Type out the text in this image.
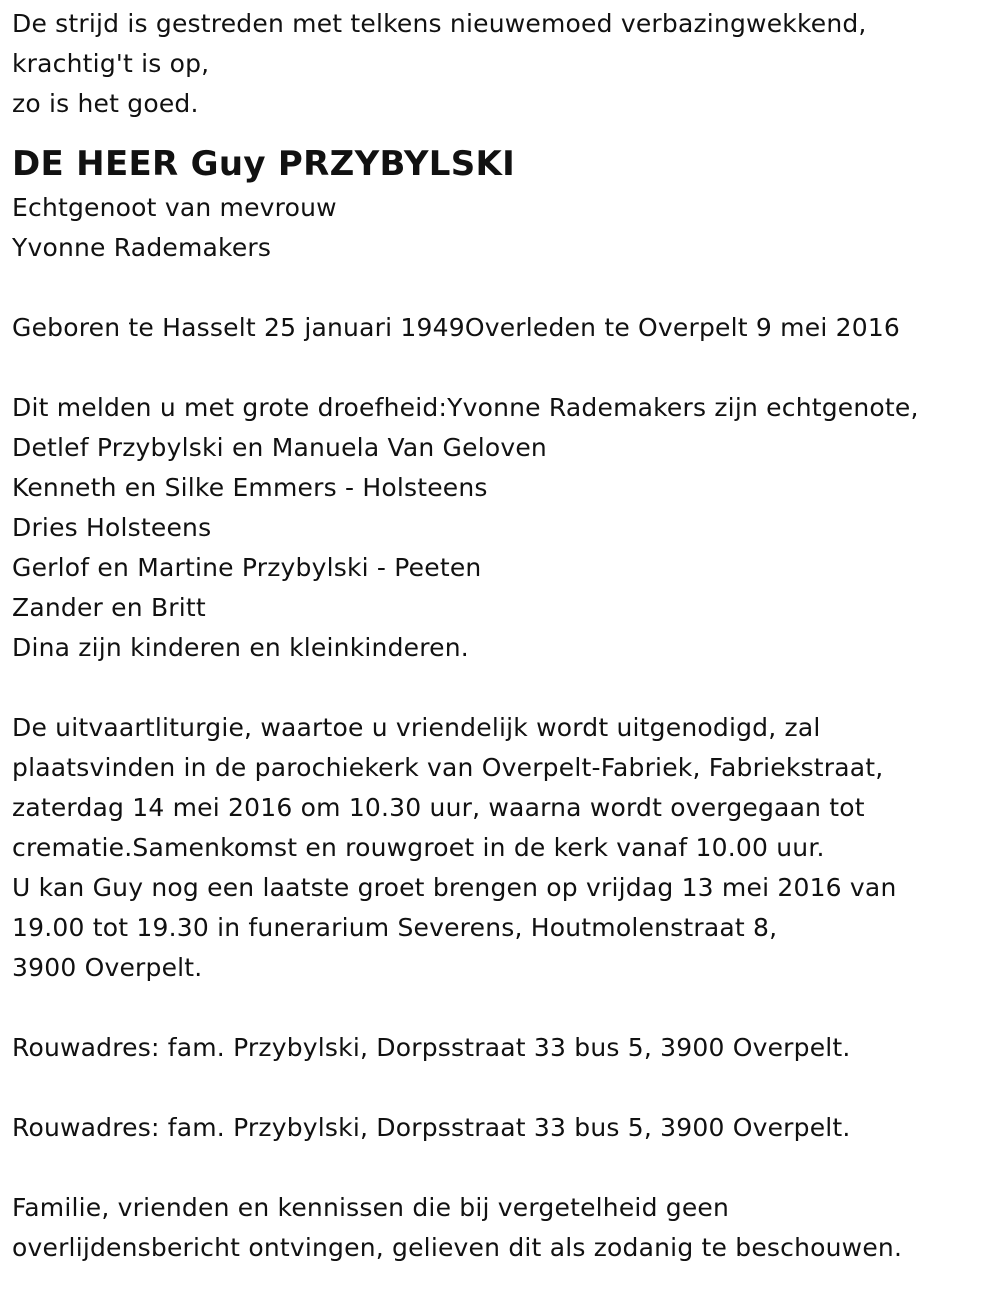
De strijd is gestreden met telkens nieuwemoed verbazingwekkend,
krachtig't is op,
zo is het goed.
DE HEER Guy PRZYBYLSKI
Echtgenoot van mevrouw
Yvonne Rademakers
Geboren te Hasselt 25 januari 1949Overleden te Overpelt 9 mei 2016
Dit melden u met grote droefheid:Yvonne Rademakers zijn echtgenote,
Detlef Przybylski en Manuela Van Geloven
Kenneth en Silke Emmers - Holsteens
Dries Holsteens
Gerlof en Martine Przybylski - Peeten
Zander en Britt
Dina zijn kinderen en kleinkinderen.
De uitvaartliturgie, waartoe u vriendelijk wordt uitgenodigd, zal
plaatsvinden in de parochiekerk van Overpelt-Fabriek, Fabriekstraat,
zaterdag 14 mei 2016 om 10.30 uur, waarna wordt overgegaan tot
crematie.Samenkomst en rouwgroet in de kerk vanaf 10.00 uur.
U kan Guy nog een laatste groet brengen op vrijdag 13 mei 2016 van
19.00 tot 19.30 in funerarium Severens, Houtmolenstraat 8,
3900 Overpelt.
Rouwadres: fam. Przybylski, Dorpsstraat 33 bus 5, 3900 Overpelt.
Rouwadres: fam. Przybylski, Dorpsstraat 33 bus 5, 3900 Overpelt.
Familie, vrienden en kennissen die bij vergetelheid geen
overlijdensbericht ontvingen, gelieven dit als zodanig te beschouwen.
